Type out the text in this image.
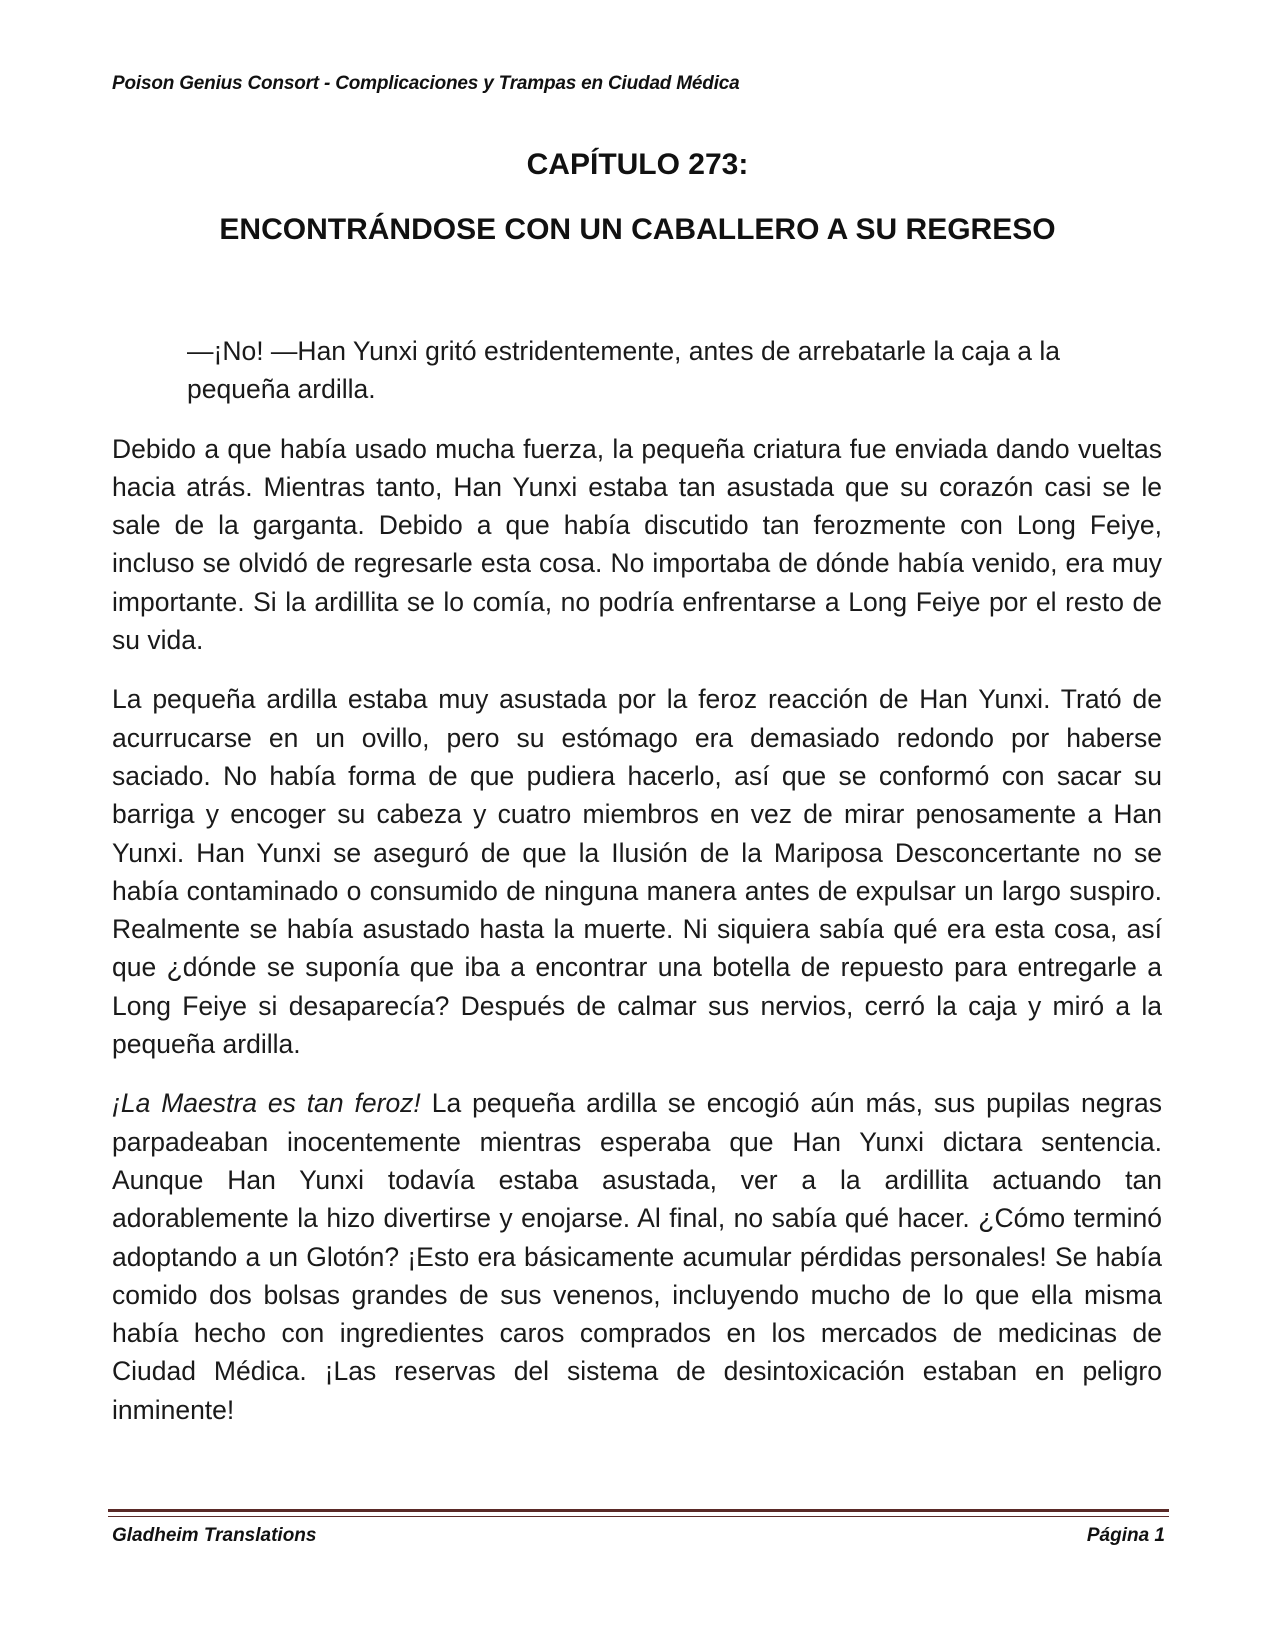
Poison Genius Consort - Complicaciones y Trampas en Ciudad Médica
CAPÍTULO 273:
ENCONTRÁNDOSE CON UN CABALLERO A SU REGRESO

—¡No! —Han Yunxi gritó estridentemente, antes de arrebatarle la caja a la pequeña ardilla.

Debido a que había usado mucha fuerza, la pequeña criatura fue enviada dando vueltas hacia atrás. Mientras tanto, Han Yunxi estaba tan asustada que su corazón casi se le sale de la garganta. Debido a que había discutido tan ferozmente con Long Feiye, incluso se olvidó de regresarle esta cosa. No importaba de dónde había venido, era muy importante. Si la ardillita se lo comía, no podría enfrentarse a Long Feiye por el resto de su vida.

La pequeña ardilla estaba muy asustada por la feroz reacción de Han Yunxi. Trató de acurrucarse en un ovillo, pero su estómago era demasiado redondo por haberse saciado. No había forma de que pudiera hacerlo, así que se conformó con sacar su barriga y encoger su cabeza y cuatro miembros en vez de mirar penosamente a Han Yunxi. Han Yunxi se aseguró de que la Ilusión de la Mariposa Desconcertante no se había contaminado o consumido de ninguna manera antes de expulsar un largo suspiro. Realmente se había asustado hasta la muerte. Ni siquiera sabía qué era esta cosa, así que ¿dónde se suponía que iba a encontrar una botella de repuesto para entregarle a Long Feiye si desaparecía? Después de calmar sus nervios, cerró la caja y miró a la pequeña ardilla.

¡La Maestra es tan feroz! La pequeña ardilla se encogió aún más, sus pupilas negras parpadeaban inocentemente mientras esperaba que Han Yunxi dictara sentencia. Aunque Han Yunxi todavía estaba asustada, ver a la ardillita actuando tan adorablemente la hizo divertirse y enojarse. Al final, no sabía qué hacer. ¿Cómo terminó adoptando a un Glotón? ¡Esto era básicamente acumular pérdidas personales! Se había comido dos bolsas grandes de sus venenos, incluyendo mucho de lo que ella misma había hecho con ingredientes caros comprados en los mercados de medicinas de Ciudad Médica. ¡Las reservas del sistema de desintoxicación estaban en peligro inminente!

Gladheim Translations	Página 1
